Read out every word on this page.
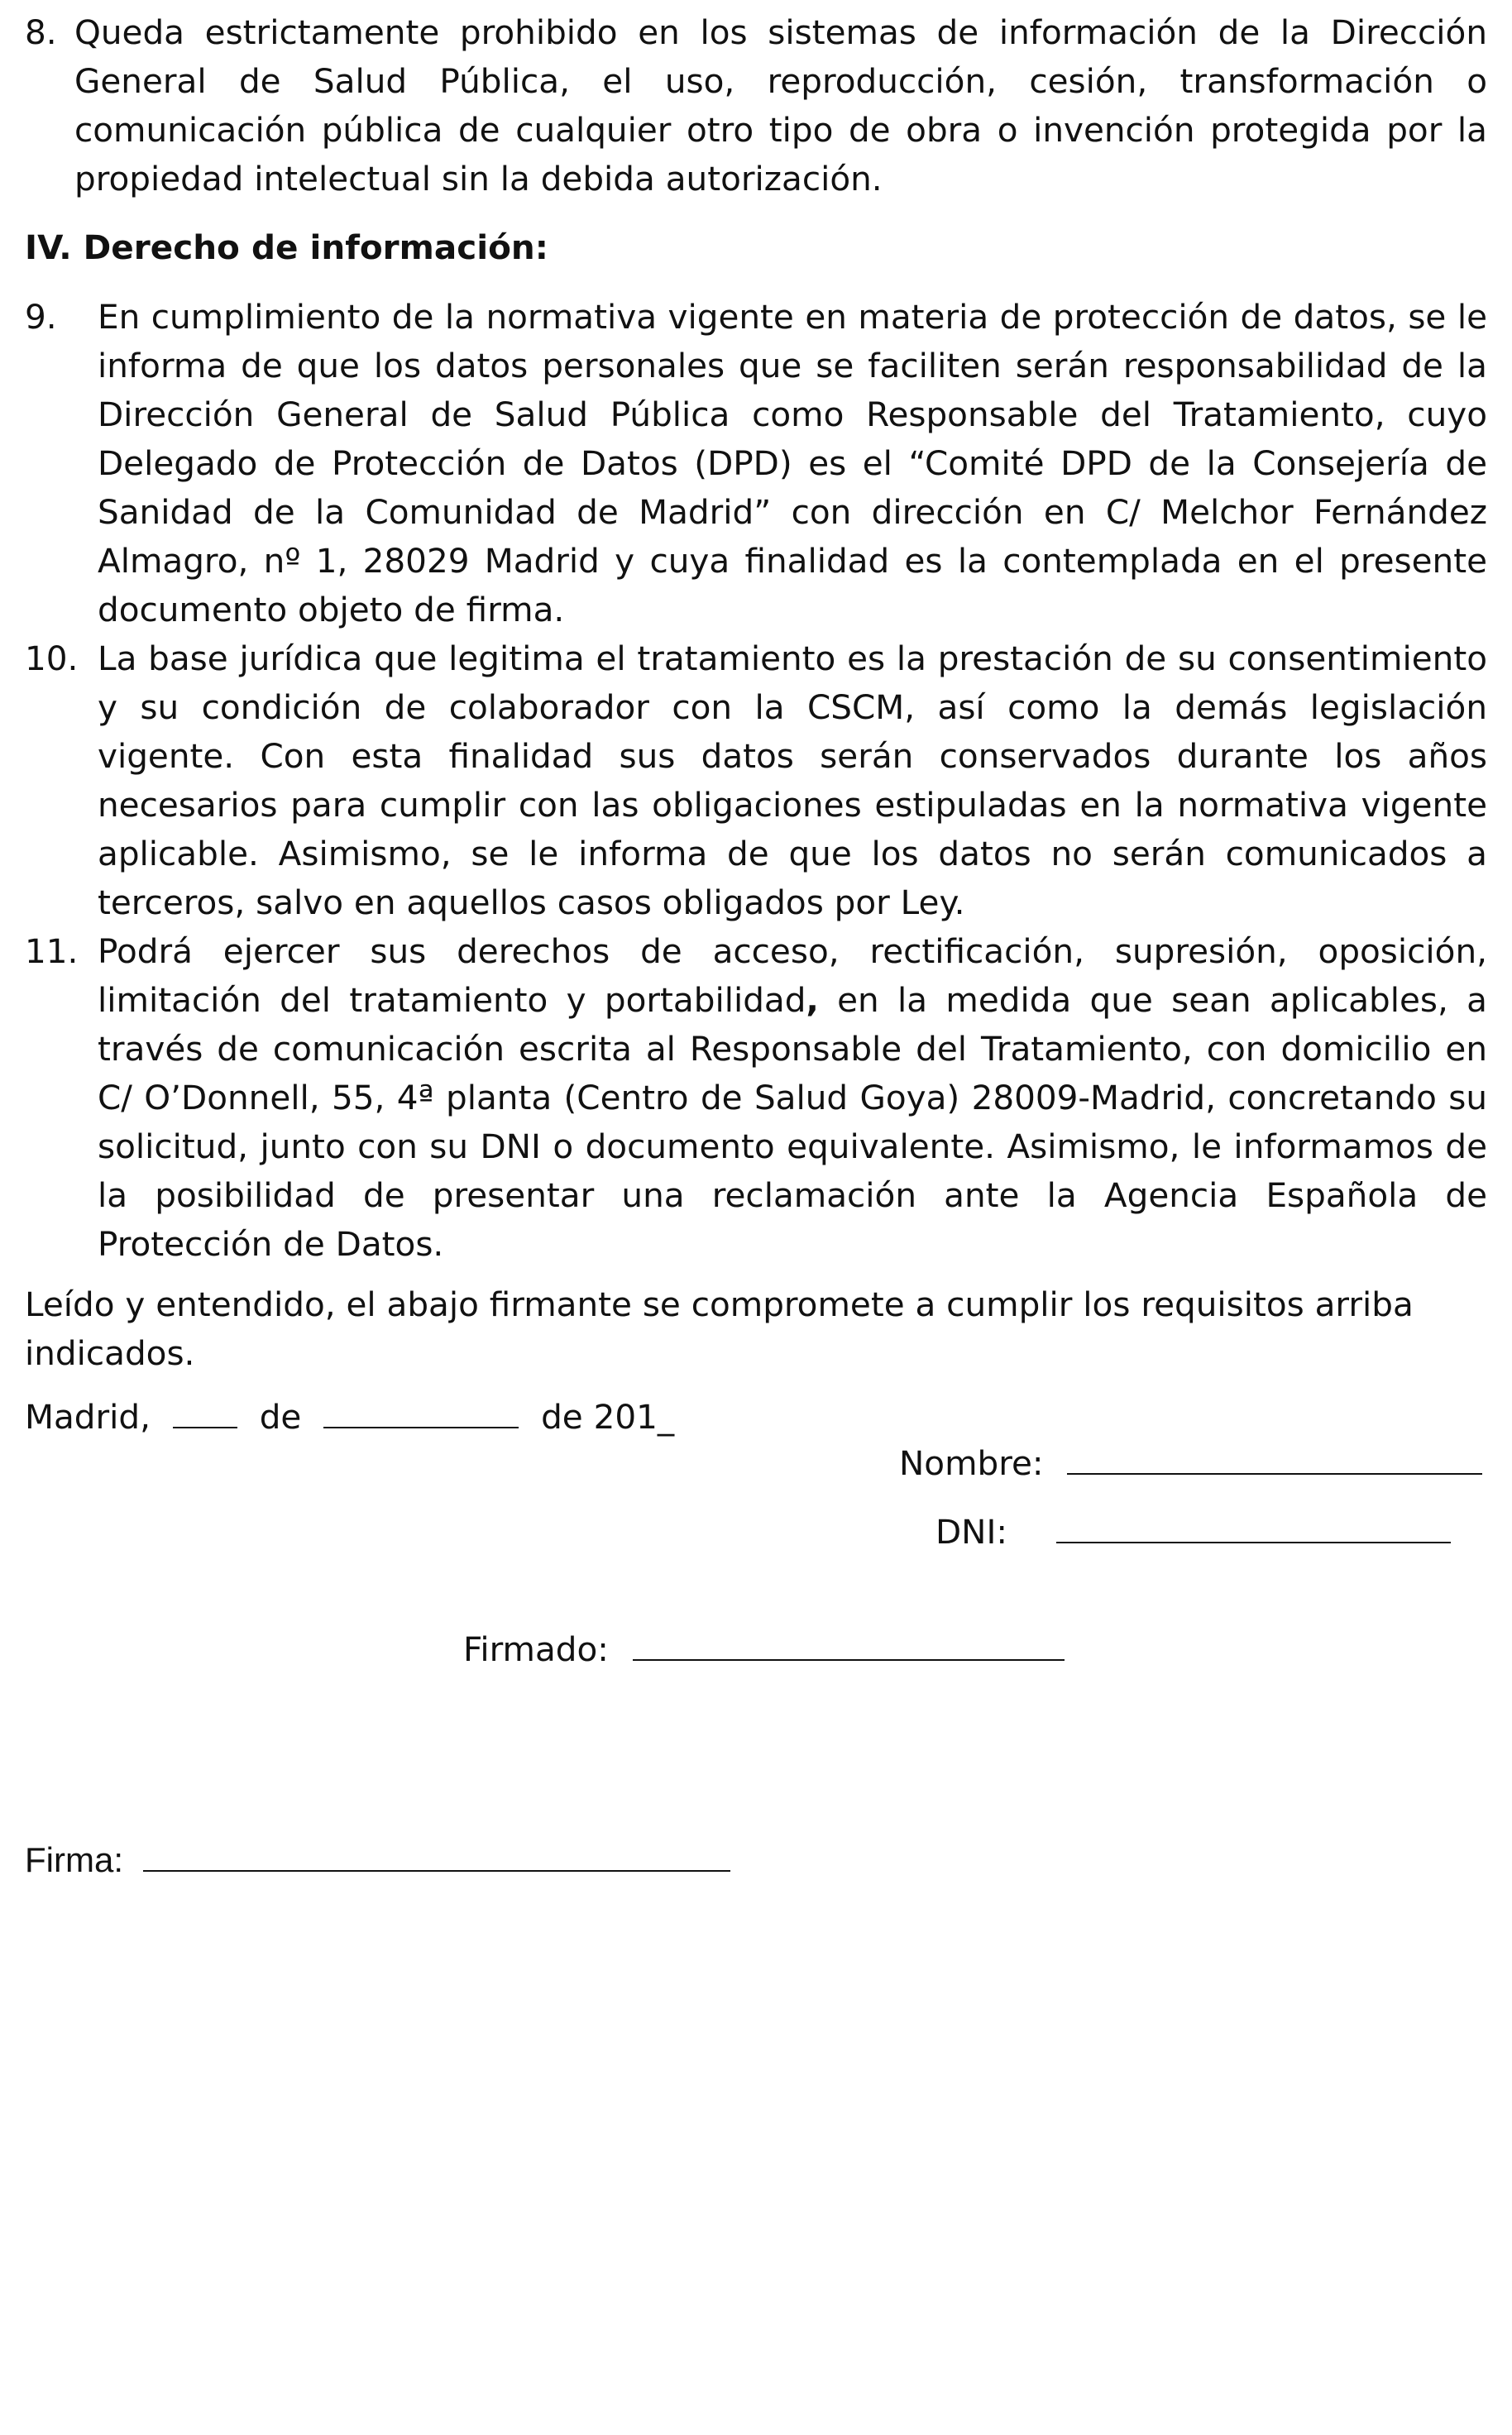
8. Queda estrictamente prohibido en los sistemas de información de la Dirección General de Salud Pública, el uso, reproducción, cesión, transformación o comunicación pública de cualquier otro tipo de obra o invención protegida por la propiedad intelectual sin la debida autorización.
IV. Derecho de información:
9.	En cumplimiento de la normativa vigente en materia de protección de datos, se le informa de que los datos personales que se faciliten serán responsabilidad de la Dirección General de Salud Pública como Responsable del Tratamiento, cuyo Delegado de Protección de Datos (DPD) es el “Comité DPD de la Consejería de Sanidad de la Comunidad de Madrid” con dirección en C/ Melchor Fernández Almagro, nº 1, 28029 Madrid y cuya finalidad es la contemplada en el presente documento objeto de firma.
10. La base jurídica que legitima el tratamiento es la prestación de su consentimiento y su condición de colaborador con la CSCM, así como la demás legislación vigente. Con esta finalidad sus datos serán conservados durante los años necesarios para cumplir con las obligaciones estipuladas en la normativa vigente aplicable. Asimismo, se le informa de que los datos no serán comunicados a terceros, salvo en aquellos casos obligados por Ley.
11. Podrá ejercer sus derechos de acceso, rectificación, supresión, oposición, limitación del tratamiento y portabilidad, en la medida que sean aplicables, a través de comunicación escrita al Responsable del Tratamiento, con domicilio en C/ O’Donnell, 55, 4ª planta (Centro de Salud Goya) 28009-Madrid, concretando su solicitud, junto con su DNI o documento equivalente. Asimismo, le informamos de la posibilidad de presentar una reclamación ante la Agencia Española de Protección de Datos.
Leído y entendido, el abajo firmante se compromete a cumplir los requisitos arriba
indicados.
Madrid,	de	de 201_
Nombre:
DNI:
Firmado:
Firma:
